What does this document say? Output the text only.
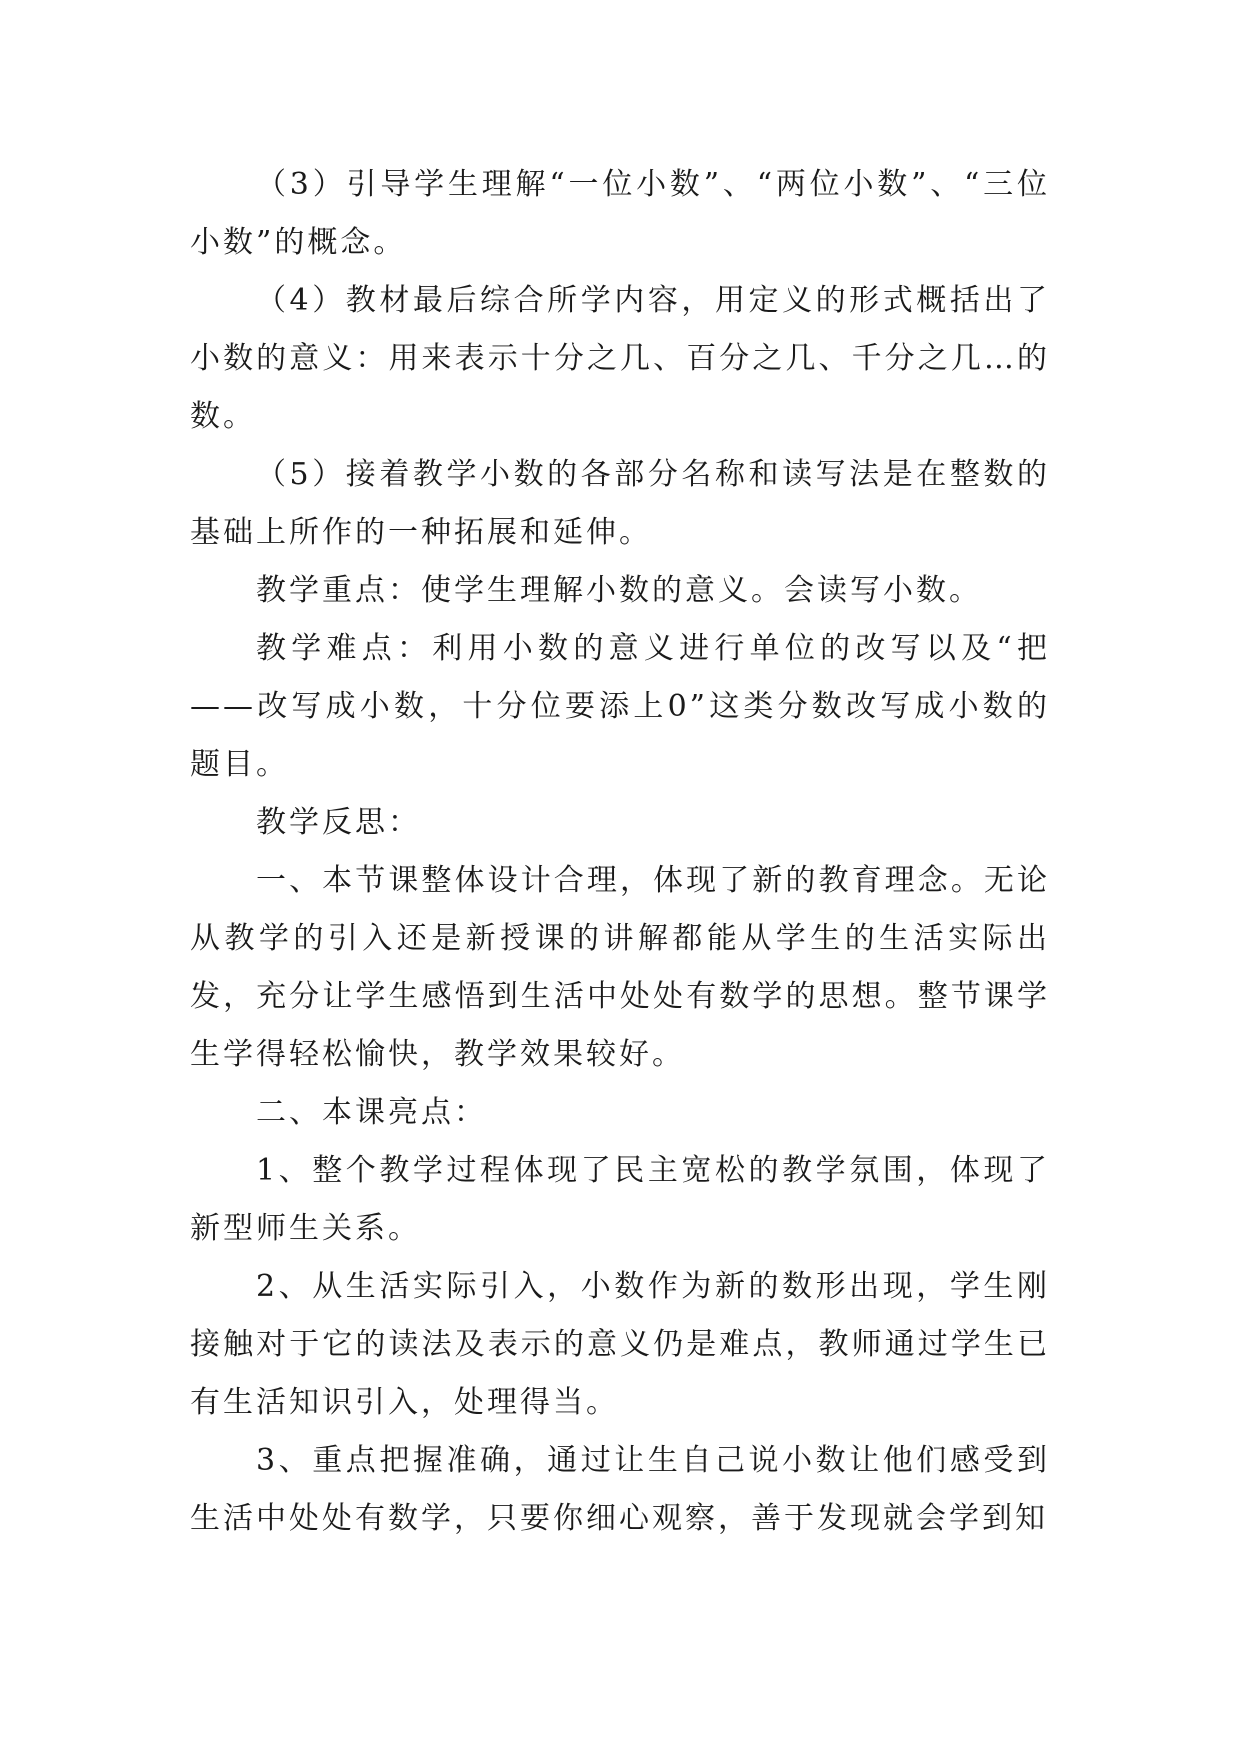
（3）引导学生理解“一位小数”、“两位小数”、“三位小数”的概念。

（4）教材最后综合所学内容，用定义的形式概括出了小数的意义：用来表示十分之几、百分之几、千分之几…的数。

（5）接着教学小数的各部分名称和读写法是在整数的基础上所作的一种拓展和延伸。

教学重点：使学生理解小数的意义。会读写小数。

教学难点：利用小数的意义进行单位的改写以及“把——改写成小数，十分位要添上0”这类分数改写成小数的题目。

教学反思：

一、本节课整体设计合理，体现了新的教育理念。无论从教学的引入还是新授课的讲解都能从学生的生活实际出发，充分让学生感悟到生活中处处有数学的思想。整节课学生学得轻松愉快，教学效果较好。

二、本课亮点：

1、整个教学过程体现了民主宽松的教学氛围，体现了新型师生关系。

2、从生活实际引入，小数作为新的数形出现，学生刚接触对于它的读法及表示的意义仍是难点，教师通过学生已有生活知识引入，处理得当。

3、重点把握准确，通过让生自己说小数让他们感受到生活中处处有数学，只要你细心观察，善于发现就会学到知
